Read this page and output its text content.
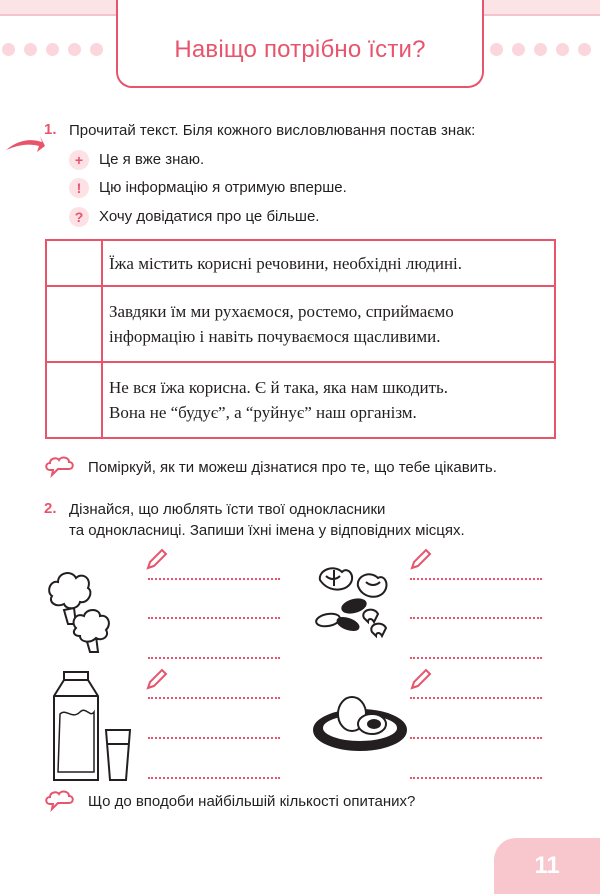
Навіщо потрібно їсти?
1. Прочитай текст. Біля кожного висловлювання постав знак:
+	Це я вже знаю.
!	Цю інформацію я отримую вперше.
?	Хочу довідатися про це більше.
	Їжа містить корисні речовини, необхідні людині.
	Завдяки їм ми рухаємося, ростемо, сприймаємо
інформацію і навіть почуваємося щасливими.
	Не вся їжа корисна. Є й така, яка нам шкодить.
Вона не “будує”, а “руйнує” наш організм.
Поміркуй, як ти можеш дізнатися про те, що тебе цікавить.
2. Дізнайся, що люблять їсти твої однокласники
та однокласниці. Запиши їхні імена у відповідних місцях.
Що до вподоби найбільшій кількості опитаних?
11
